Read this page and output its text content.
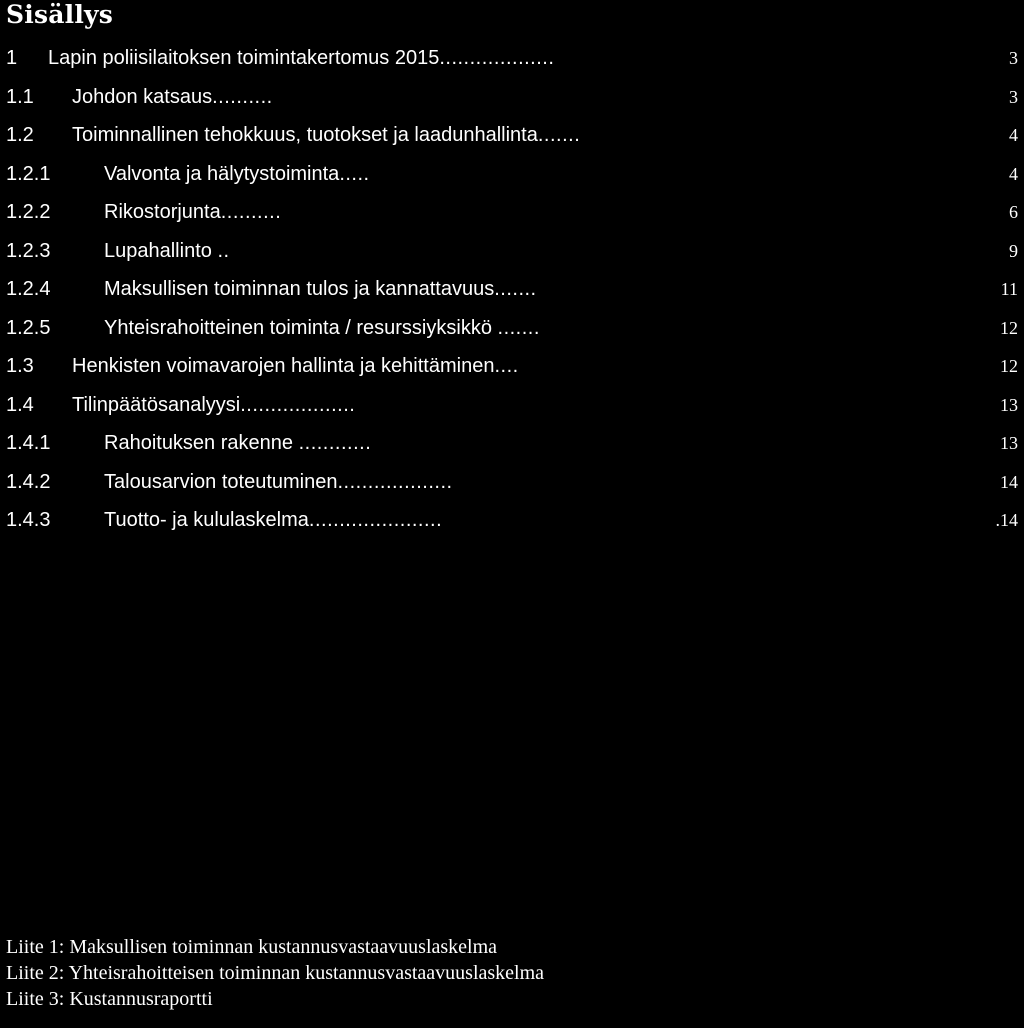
Sisällys
1 Lapin poliisilaitoksen toimintakertomus 2015...................	3
1.1 Johdon katsaus..........	3
1.2 Toiminnallinen tehokkuus, tuotokset ja laadunhallinta.......	4
1.2.1	Valvonta ja hälytystoiminta.....	4
1.2.2	Rikostorjunta..........	6
1.2.3	Lupahallinto ..	9
1.2.4	Maksullisen toiminnan tulos ja kannattavuus.......	11
1.2.5	Yhteisrahoitteinen toiminta / resurssiyksikkö .......	12
1.3 Henkisten voimavarojen hallinta ja kehittäminen....	12
1.4 Tilinpäätösanalyysi...................	13
1.4.1	Rahoituksen rakenne ............	13
1.4.2	Talousarvion toteutuminen...................	14
1.4.3	Tuotto- ja kululaskelma......................	.14
Liite 1: Maksullisen toiminnan kustannusvastaavuuslaskelma
Liite 2: Yhteisrahoitteisen toiminnan kustannusvastaavuuslaskelma
Liite 3: Kustannusraportti
